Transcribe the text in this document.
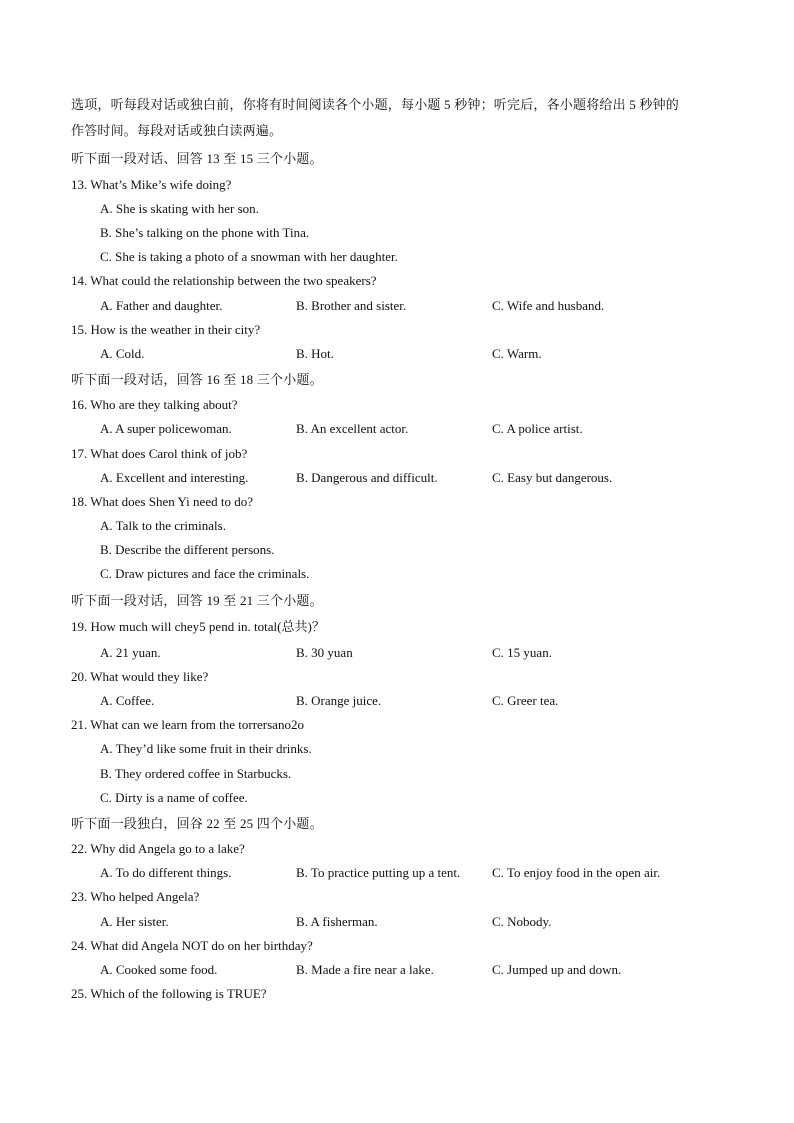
选项，听每段对话或独白前，你将有时间阅读各个小题，每小题 5 秒钟；听完后，各小题将给出 5 秒钟的
作答时间。每段对话或独白读两遍。
听下面一段对话、回答 13 至 15 三个小题。
13. What’s Mike’s wife doing?
A. She is skating with her son.
B. She’s talking on the phone with Tina.
C. She is taking a photo of a snowman with her daughter.
14. What could the relationship between the two speakers?
A. Father and daughter.	B. Brother and sister.	C. Wife and husband.
15. How is the weather in their city?
A. Cold.	B. Hot.	C. Warm.
听下面一段对话，回答 16 至 18 三个小题。
16. Who are they talking about?
A. A super policewoman.	B. An excellent actor.	C. A police artist.
17. What does Carol think of job?
A. Excellent and interesting.	B. Dangerous and difficult.	C. Easy but dangerous.
18. What does Shen Yi need to do?
A. Talk to the criminals.
B. Describe the different persons.
C. Draw pictures and face the criminals.
听下面一段对话，回答 19 至 21 三个小题。
19. How much will chey5 pend in. total(总共)？
A. 21 yuan.	B. 30 yuan	C. 15 yuan.
20. What would they like?
A. Coffee.	B. Orange juice.	C. Greer tea.
21. What can we learn from the torrersano2o
A. They’d like some fruit in their drinks.
B. They ordered coffee in Starbucks.
C. Dirty is a name of coffee.
听下面一段独白，回谷 22 至 25 四个小题。
22. Why did Angela go to a lake?
A. To do different things.	B. To practice putting up a tent. C. To enjoy food in the open air.
23. Who helped Angela?
A. Her sister.	B. A fisherman.	C. Nobody.
24. What did Angela NOT do on her birthday?
A. Cooked some food.	B. Made a fire near a lake.	C. Jumped up and down.
25. Which of the following is TRUE?
